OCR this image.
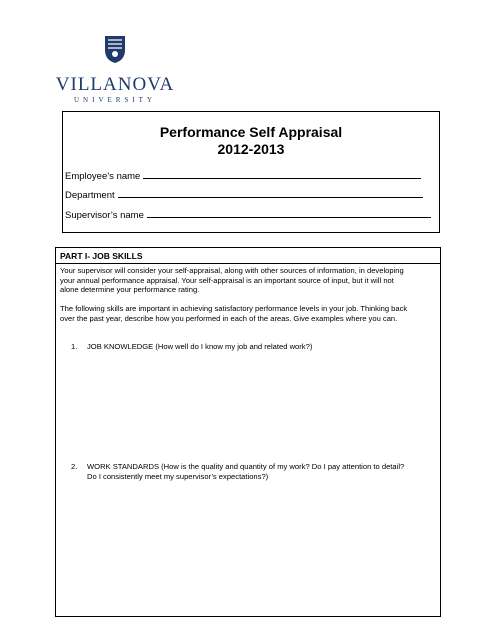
VILLANOVA
UNIVERSITY
Performance Self Appraisal
2012-2013
Employee’s name
Department
Supervisor’s name
PART I- JOB SKILLS
Your supervisor will consider your self-appraisal, along with other sources of information, in developing
your annual performance appraisal. Your self-appraisal is an important source of input, but it will not
alone determine your performance rating.
The following skills are important in achieving satisfactory performance levels in your job. Thinking back
over the past year, describe how you performed in each of the areas. Give examples where you can.
1. JOB KNOWLEDGE (How well do I know my job and related work?)
2. WORK STANDARDS (How is the quality and quantity of my work? Do I pay attention to detail?
Do I consistently meet my supervisor’s expectations?)
